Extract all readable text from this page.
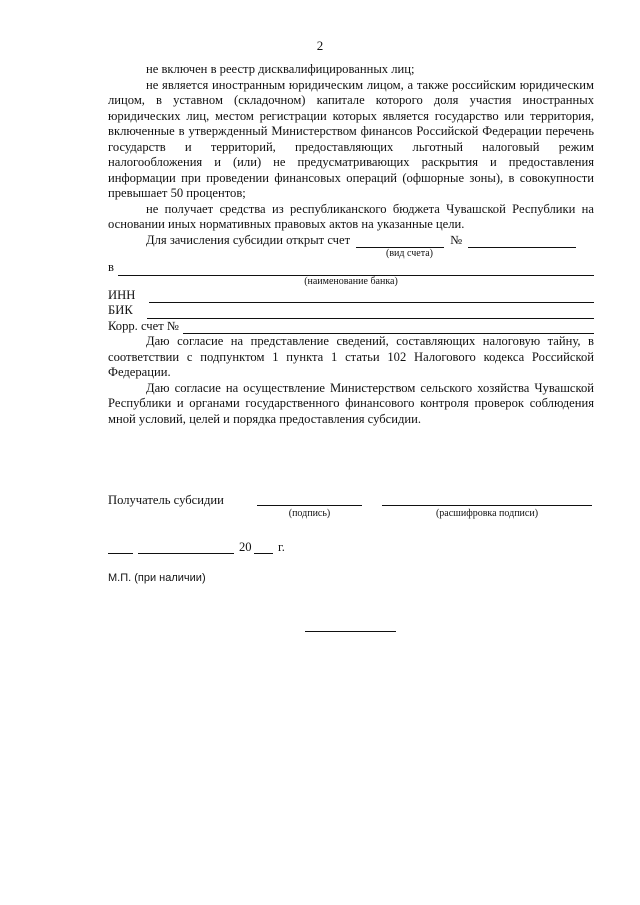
2

не включен в реестр дисквалифицированных лиц;

не является иностранным юридическим лицом, а также российским юридическим лицом, в уставном (складочном) капитале которого доля участия иностранных юридических лиц, местом регистрации которых является государство или территория, включенные в утвержденный Министерством финансов Российской Федерации перечень государств и территорий, предоставляющих льготный налоговый режим налогообложения и (или) не предусматривающих раскрытия и предоставления информации при проведении финансовых операций (офшорные зоны), в совокупности превышает 50 процентов;

не получает средства из республиканского бюджета Чувашской Республики на основании иных нормативных правовых актов на указанные цели.

Для зачисления субсидии открыт счет	№
(вид счета)
в
(наименование банка)
ИНН
БИК
Корр. счет №

Даю согласие на представление сведений, составляющих налоговую тайну, в соответствии с подпунктом 1 пункта 1 статьи 102 Налогового кодекса Российской Федерации.

Даю согласие на осуществление Министерством сельского хозяйства Чувашской Республики и органами государственного финансового контроля проверок соблюдения мной условий, целей и порядка предоставления субсидии.

Получатель субсидии
(подпись)	(расшифровка подписи)
20 г.
М.П. (при наличии)
